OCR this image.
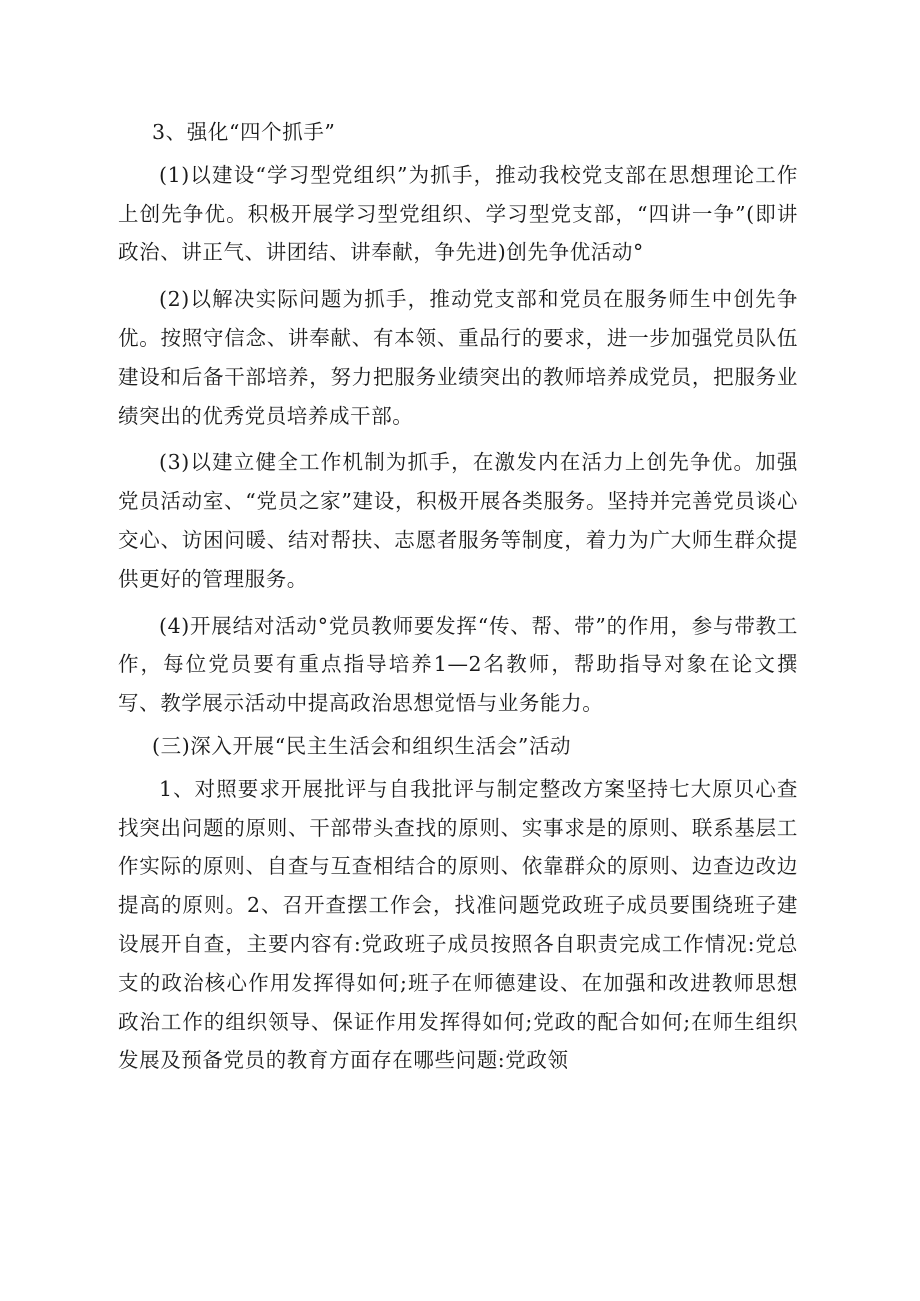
3、强化“四个抓手”

(1)以建设“学习型党组织”为抓手，推动我校党支部在思想理论工作上创先争优。积极开展学习型党组织、学习型党支部，“四讲一争”(即讲政治、讲正气、讲团结、讲奉献，争先进)创先争优活动°

(2)以解决实际问题为抓手，推动党支部和党员在服务师生中创先争优。按照守信念、讲奉献、有本领、重品行的要求，进一步加强党员队伍建设和后备干部培养，努力把服务业绩突出的教师培养成党员，把服务业绩突出的优秀党员培养成干部。

(3)以建立健全工作机制为抓手，在激发内在活力上创先争优。加强党员活动室、“党员之家”建设，积极开展各类服务。坚持并完善党员谈心交心、访困问暖、结对帮扶、志愿者服务等制度，着力为广大师生群众提供更好的管理服务。

(4)开展结对活动°党员教师要发挥“传、帮、带”的作用，参与带教工作，每位党员要有重点指导培养1—2名教师，帮助指导对象在论文撰写、教学展示活动中提高政治思想觉悟与业务能力。

(三)深入开展“民主生活会和组织生活会”活动

1、对照要求开展批评与自我批评与制定整改方案坚持七大原贝心查找突出问题的原则、干部带头查找的原则、实事求是的原则、联系基层工作实际的原则、自查与互查相结合的原则、依靠群众的原则、边查边改边提高的原则。2、召开查摆工作会，找准问题党政班子成员要围绕班子建设展开自查，主要内容有:党政班子成员按照各自职责完成工作情况:党总支的政治核心作用发挥得如何;班子在师德建设、在加强和改进教师思想政治工作的组织领导、保证作用发挥得如何;党政的配合如何;在师生组织发展及预备党员的教育方面存在哪些问题:党政领
